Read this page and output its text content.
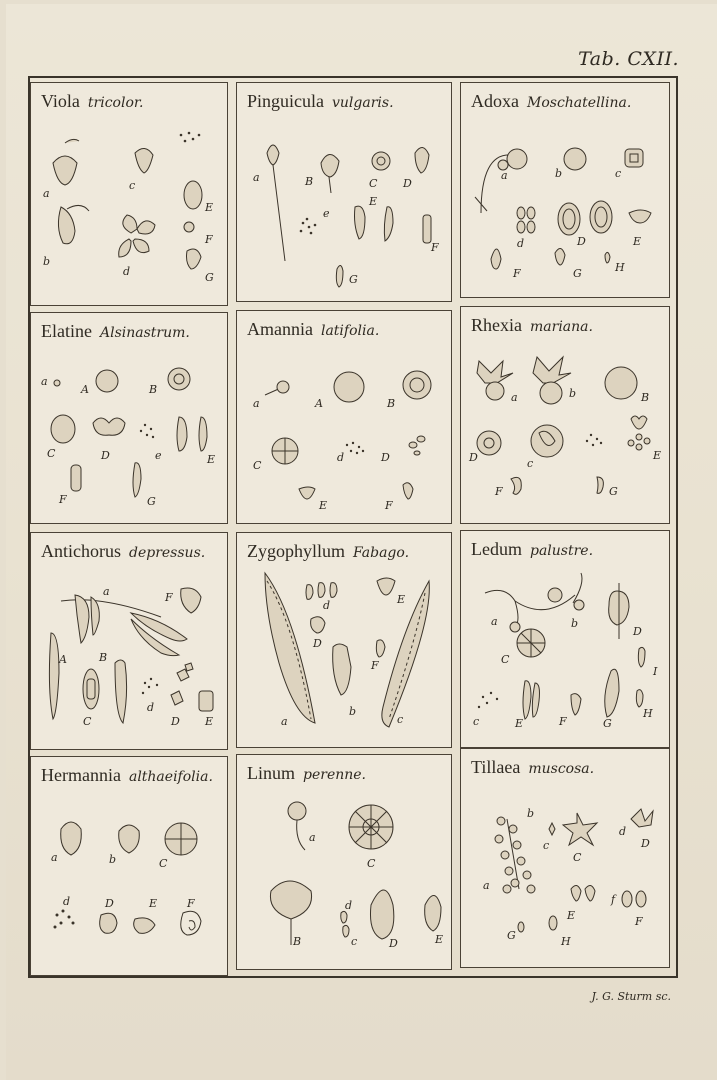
Tab. CXII.
Viola tricolor.
a
c
E
b
d
F
G
Pinguicula vulgaris.
a	B	C D
e
E
F
G
Adoxa Moschatellina.
a	b	c
d	D	E
F	G	H
Elatine Alsinastrum.
a
A	B
C	D	e	E
F	G
Amannia latifolia.
a	A	B
C
d	D
E	F
Rhexia mariana.
a	b	B
D	c
E
F	G
Antichorus depressus.
a	F
A	B
C
d
D E
Zygophyllum Fabago.
d	E
D
F
a
b
c
Ledum palustre.
a	b
C
D
I
c	E	F	G
H
Hermannia althaeifolia.
a	b	C
d	D	E	F
Linum perenne.
a
C
B
d
c	D	E
Tillaea muscosa.
b
c
C
d
D
a
E	F
f
G	H
J. G. Sturm sc.
